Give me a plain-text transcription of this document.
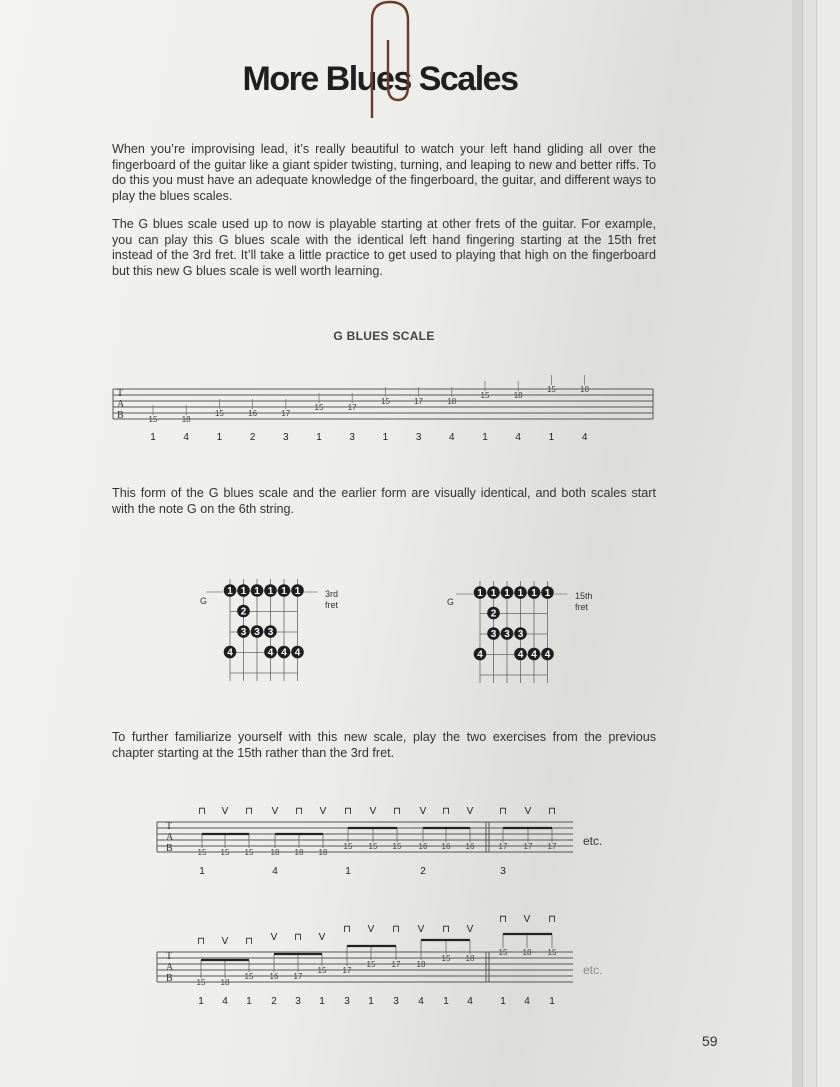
More Blues Scales

When you’re improvising lead, it’s really beautiful to watch your left hand gliding all over the fingerboard of the guitar like a giant spider twisting, turning, and leaping to new and better riffs. To do this you must have an adequate knowledge of the fingerboard, the guitar, and different ways to play the blues scales.

The G blues scale used up to now is playable starting at other frets of the guitar. For example, you can play this G blues scale with the identical left hand fingering starting at the 15th fret instead of the 3rd fret. It’ll take a little practice to get used to playing that high on the fingerboard but this new G blues scale is well worth learning.

G BLUES SCALE

This form of the G blues scale and the earlier form are visually identical, and both scales start with the note G on the 6th string.

To further familiarize yourself with this new scale, play the two exercises from the previous chapter starting at the 15th rather than the 3rd fret.

T
A
B	15
1
18
4
15
1
16
2
17
3
15
1
17
3
15
1
17
3
18
4
15
1
18
4
15
1
18
4
1 1 1 1 1 1
2
3 3 3
4	4 4 4
1 1 1 1 1 1
2
3 3 3
4	4 4 4
G
3rd
fret	G
15th
fret
T
A
B
etc.
15
⊓
15
V
15
⊓
18
V
18
⊓
18
V
15
⊓
15
V
15
⊓
16
V
16
⊓
16
V
17
⊓
17
V
17
⊓
1	4	1	2	3
T
A
B
etc.
15
⊓
18
V
15
⊓
16
V
17
⊓
15
V
17
⊓
15
V
17
⊓
18
V
15
⊓
18
V
15
⊓
18
V
15
⊓
1 4 1 2 3 1 3 1 3 4 1 4	1 4 1
59
